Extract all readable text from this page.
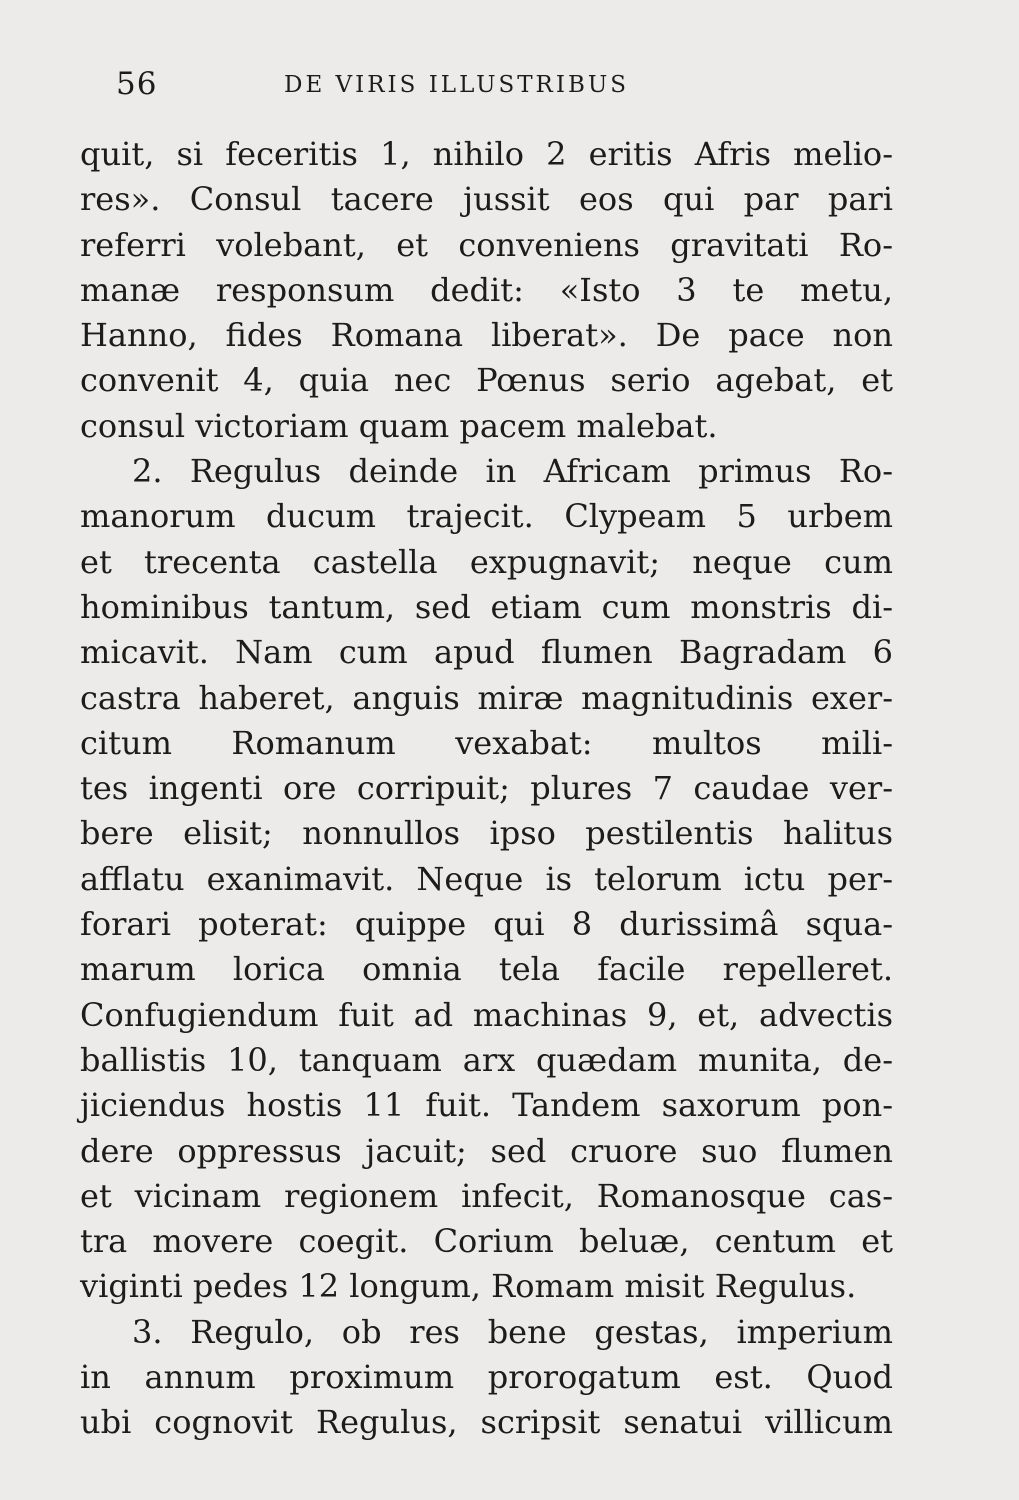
56	DE VIRIS ILLUSTRIBUS
quit, si feceritis 1, nihilo 2 eritis Afris melio-
res». Consul tacere jussit eos qui par pari
referri volebant, et conveniens gravitati Ro-
manæ responsum dedit: «Isto 3 te metu,
Hanno, fides Romana liberat». De pace non
convenit 4, quia nec Pœnus serio agebat, et
consul victoriam quam pacem malebat.
2. Regulus deinde in Africam primus Ro-
manorum ducum trajecit. Clypeam 5 urbem
et trecenta castella expugnavit; neque cum
hominibus tantum, sed etiam cum monstris di-
micavit. Nam cum apud flumen Bagradam 6
castra haberet, anguis miræ magnitudinis exer-
citum Romanum vexabat: multos mili-
tes ingenti ore corripuit; plures 7 caudae ver-
bere elisit; nonnullos ipso pestilentis halitus
afflatu exanimavit. Neque is telorum ictu per-
forari poterat: quippe qui 8 durissimâ squa-
marum lorica omnia tela facile repelleret.
Confugiendum fuit ad machinas 9, et, advectis
ballistis 10, tanquam arx quædam munita, de-
jiciendus hostis 11 fuit. Tandem saxorum pon-
dere oppressus jacuit; sed cruore suo flumen
et vicinam regionem infecit, Romanosque cas-
tra movere coegit. Corium beluæ, centum et
viginti pedes 12 longum, Romam misit Regulus.
3. Regulo, ob res bene gestas, imperium
in annum proximum prorogatum est. Quod
ubi cognovit Regulus, scripsit senatui villicum
